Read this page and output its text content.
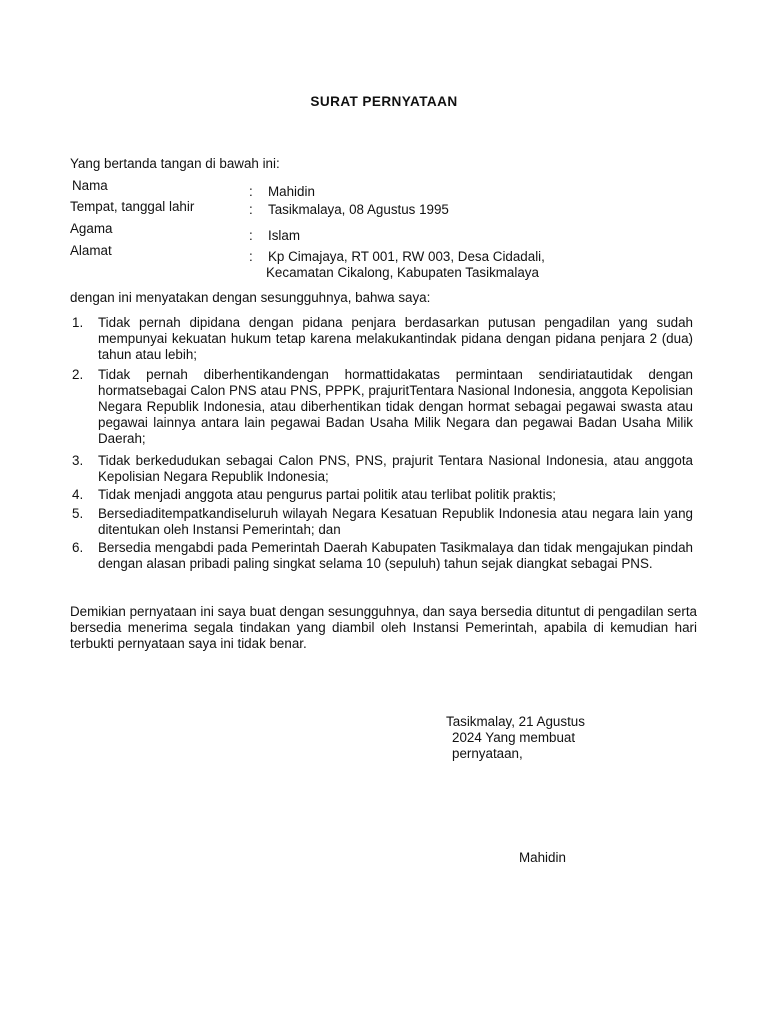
SURAT PERNYATAAN
Yang bertanda tangan di bawah ini:
Nama	: Mahidin
Tempat, tanggal lahir	: Tasikmalaya, 08 Agustus 1995
Agama	: Islam
Alamat	: Kp Cimajaya, RT 001, RW 003, Desa Cidadali,
Kecamatan Cikalong, Kabupaten Tasikmalaya
dengan ini menyatakan dengan sesungguhnya, bahwa saya:
1. Tidak pernah dipidana dengan pidana penjara berdasarkan putusan pengadilan yang sudah mempunyai kekuatan hukum tetap karena melakukantindak pidana dengan pidana penjara 2 (dua) tahun atau lebih;
2. Tidak pernah diberhentikandengan hormattidakatas permintaan sendiriatautidak dengan hormatsebagai Calon PNS atau PNS, PPPK, prajuritTentara Nasional Indonesia, anggota Kepolisian Negara Republik Indonesia, atau diberhentikan tidak dengan hormat sebagai pegawai swasta atau pegawai lainnya antara lain pegawai Badan Usaha Milik Negara dan pegawai Badan Usaha Milik Daerah;
3. Tidak berkedudukan sebagai Calon PNS, PNS, prajurit Tentara Nasional Indonesia, atau anggota Kepolisian Negara Republik Indonesia;
4. Tidak menjadi anggota atau pengurus partai politik atau terlibat politik praktis;
5. Bersediaditempatkandiseluruh wilayah Negara Kesatuan Republik Indonesia atau negara lain yang ditentukan oleh Instansi Pemerintah; dan
6. Bersedia mengabdi pada Pemerintah Daerah Kabupaten Tasikmalaya dan tidak mengajukan pindah dengan alasan pribadi paling singkat selama 10 (sepuluh) tahun sejak diangkat sebagai PNS.
Demikian pernyataan ini saya buat dengan sesungguhnya, dan saya bersedia dituntut di pengadilan serta bersedia menerima segala tindakan yang diambil oleh Instansi Pemerintah, apabila di kemudian hari terbukti pernyataan saya ini tidak benar.
Tasikmalay, 21 Agustus
2024 Yang membuat
pernyataan,
Mahidin
